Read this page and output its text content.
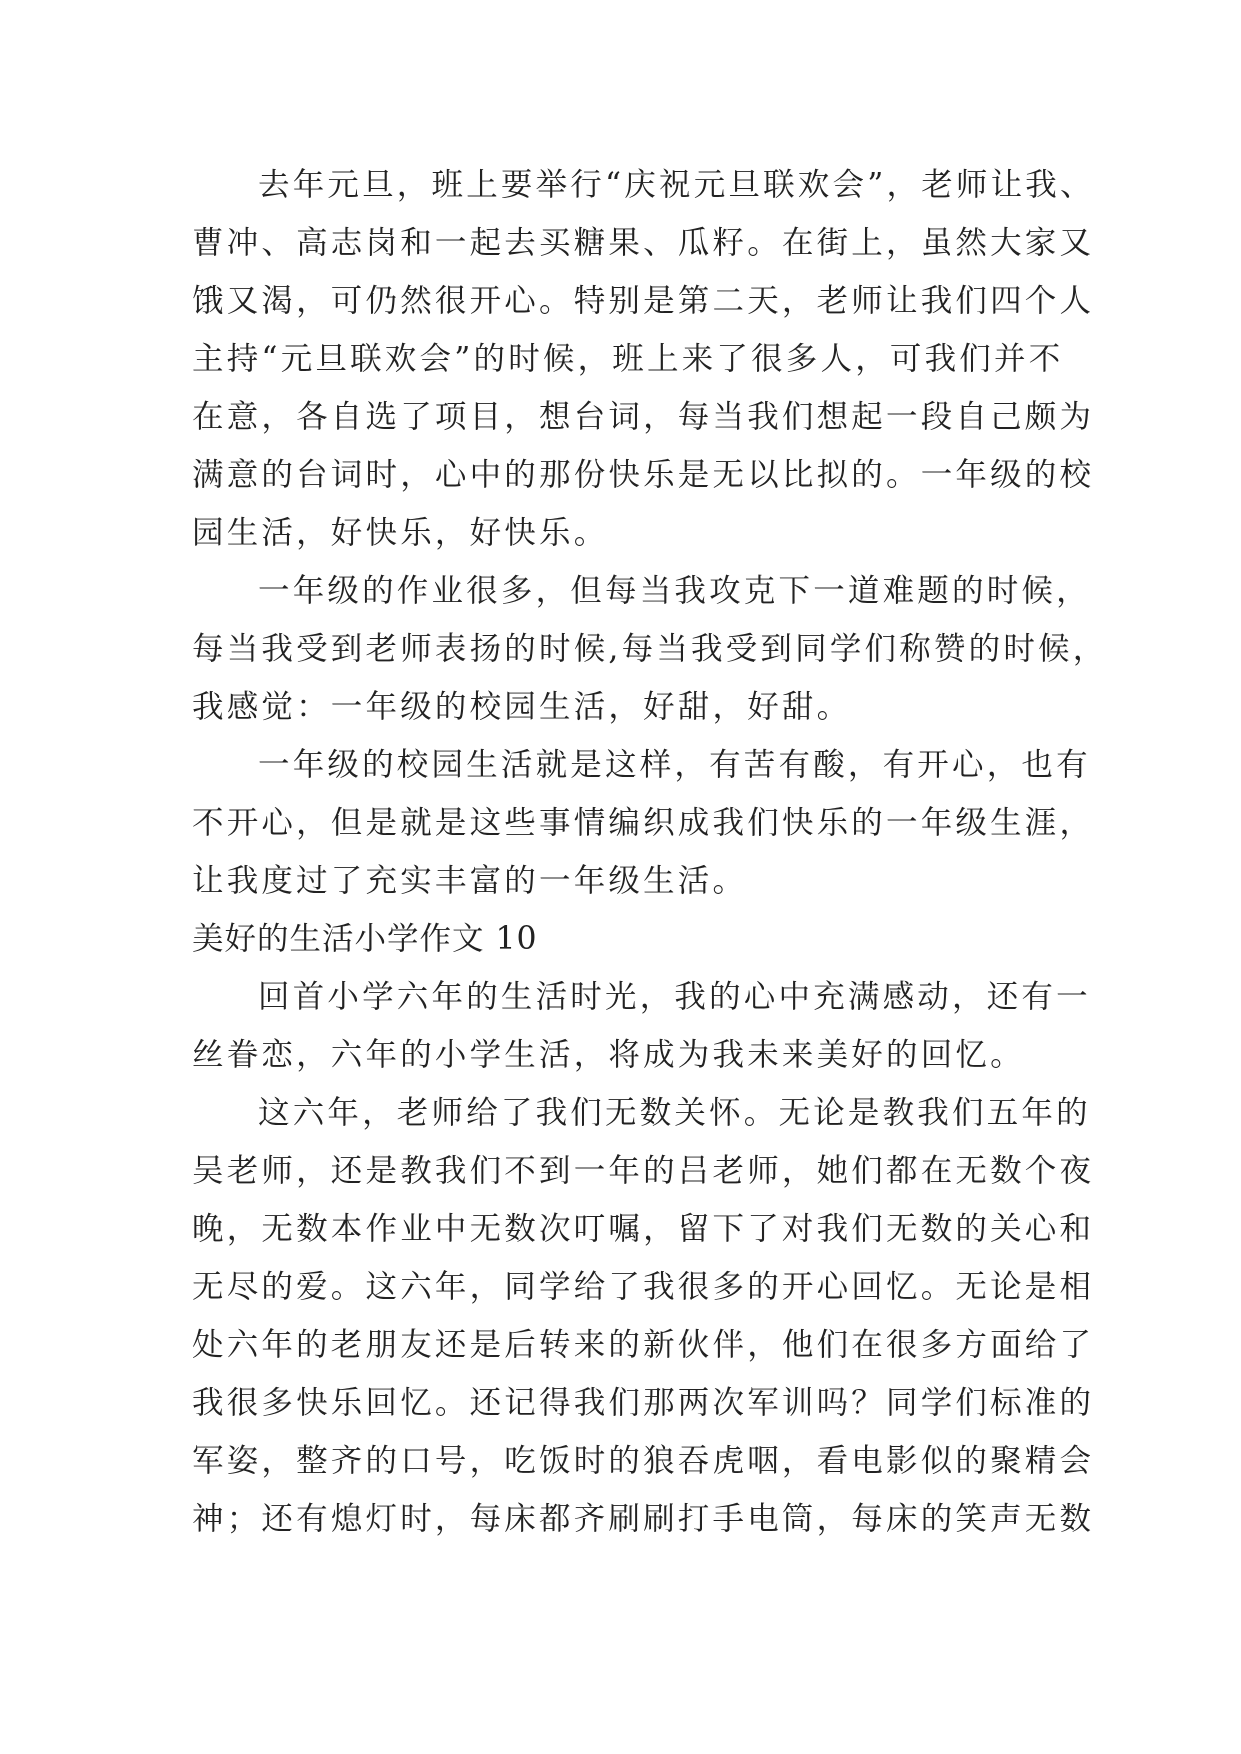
去年元旦，班上要举行“庆祝元旦联欢会”，老师让我、
曹冲、高志岗和一起去买糖果、瓜籽。在街上，虽然大家又
饿又渴，可仍然很开心。特别是第二天，老师让我们四个人
主持“元旦联欢会”的时候，班上来了很多人，可我们并不
在意，各自选了项目，想台词，每当我们想起一段自己颇为
满意的台词时，心中的那份快乐是无以比拟的。一年级的校
园生活，好快乐，好快乐。
一年级的作业很多，但每当我攻克下一道难题的时候，
每当我受到老师表扬的时候,每当我受到同学们称赞的时候，
我感觉：一年级的校园生活，好甜，好甜。
一年级的校园生活就是这样，有苦有酸，有开心，也有
不开心，但是就是这些事情编织成我们快乐的一年级生涯，
让我度过了充实丰富的一年级生活。
美好的生活小学作文 10
回首小学六年的生活时光，我的心中充满感动，还有一
丝眷恋，六年的小学生活，将成为我未来美好的回忆。
这六年，老师给了我们无数关怀。无论是教我们五年的
吴老师，还是教我们不到一年的吕老师，她们都在无数个夜
晚，无数本作业中无数次叮嘱，留下了对我们无数的关心和
无尽的爱。这六年，同学给了我很多的开心回忆。无论是相
处六年的老朋友还是后转来的新伙伴，他们在很多方面给了
我很多快乐回忆。还记得我们那两次军训吗？同学们标准的
军姿，整齐的口号，吃饭时的狼吞虎咽，看电影似的聚精会
神；还有熄灯时，每床都齐刷刷打手电筒，每床的笑声无数
